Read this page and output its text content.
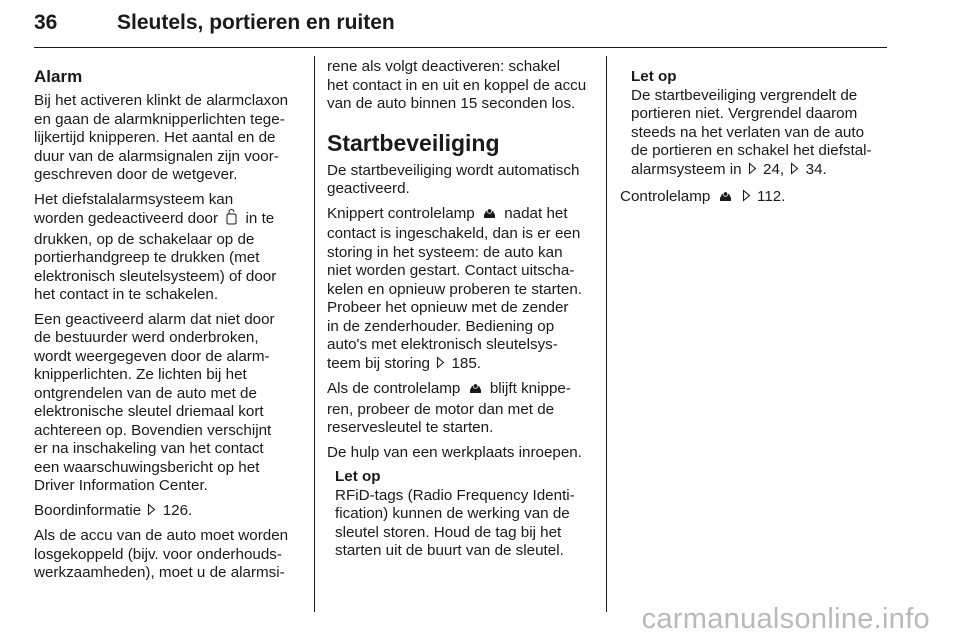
36	Sleutels, portieren en ruiten
Alarm

Bij het activeren klinkt de alarmclaxon
en gaan de alarmknipperlichten tege-
lijkertijd knipperen. Het aantal en de
duur van de alarmsignalen zijn voor-
geschreven door de wetgever.

Het diefstalalarmsysteem kan
worden gedeactiveerd door in te
drukken, op de schakelaar op de
portierhandgreep te drukken (met
elektronisch sleutelsysteem) of door
het contact in te schakelen.

Een geactiveerd alarm dat niet door
de bestuurder werd onderbroken,
wordt weergegeven door de alarm-
knipperlichten. Ze lichten bij het
ontgrendelen van de auto met de
elektronische sleutel driemaal kort
achtereen op. Bovendien verschijnt
er na inschakeling van het contact
een waarschuwingsbericht op het
Driver Information Center.

Boordinformatie 126.

Als de accu van de auto moet worden
losgekoppeld (bijv. voor onderhouds-
werkzaamheden), moet u de alarmsi-

rene als volgt deactiveren: schakel
het contact in en uit en koppel de accu
van de auto binnen 15 seconden los.

Startbeveiliging

De startbeveiliging wordt automatisch
geactiveerd.

Knippert controlelamp nadat het
contact is ingeschakeld, dan is er een
storing in het systeem: de auto kan
niet worden gestart. Contact uitscha-
kelen en opnieuw proberen te starten.
Probeer het opnieuw met de zender
in de zenderhouder. Bediening op
auto's met elektronisch sleutelsys-
teem bij storing 185.

Als de controlelamp blijft knippe-
ren, probeer de motor dan met de
reservesleutel te starten.

De hulp van een werkplaats inroepen.

Let op
RFiD-tags (Radio Frequency Identi-
fication) kunnen de werking van de
sleutel storen. Houd de tag bij het
starten uit de buurt van de sleutel.
Let op
De startbeveiliging vergrendelt de
portieren niet. Vergrendel daarom
steeds na het verlaten van de auto
de portieren en schakel het diefstal-
alarmsysteem in 24, 34.

Controlelamp	112.

carmanualsonline.info
